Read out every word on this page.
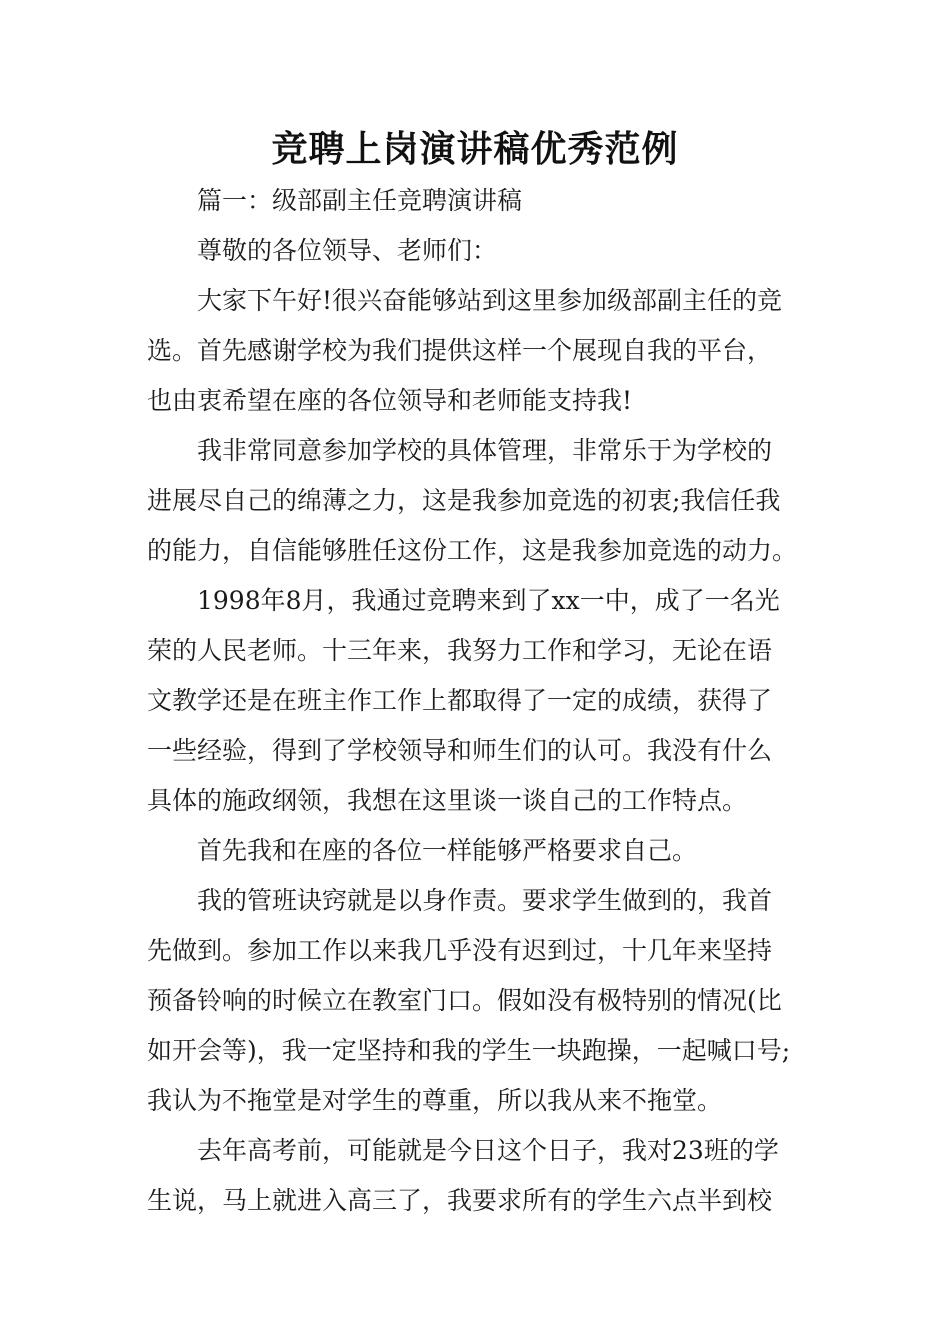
竞聘上岗演讲稿优秀范例
篇一：级部副主任竞聘演讲稿
尊敬的各位领导、老师们：
大家下午好!很兴奋能够站到这里参加级部副主任的竞
选。首先感谢学校为我们提供这样一个展现自我的平台，
也由衷希望在座的各位领导和老师能支持我!
我非常同意参加学校的具体管理，非常乐于为学校的
进展尽自己的绵薄之力，这是我参加竞选的初衷;我信任我
的能力，自信能够胜任这份工作，这是我参加竞选的动力。
1998年8月，我通过竞聘来到了xx一中，成了一名光
荣的人民老师。十三年来，我努力工作和学习，无论在语
文教学还是在班主作工作上都取得了一定的成绩，获得了
一些经验，得到了学校领导和师生们的认可。我没有什么
具体的施政纲领，我想在这里谈一谈自己的工作特点。
首先我和在座的各位一样能够严格要求自己。
我的管班诀窍就是以身作责。要求学生做到的，我首
先做到。参加工作以来我几乎没有迟到过，十几年来坚持
预备铃响的时候立在教室门口。假如没有极特别的情况(比
如开会等)，我一定坚持和我的学生一块跑操，一起喊口号;
我认为不拖堂是对学生的尊重，所以我从来不拖堂。
去年高考前，可能就是今日这个日子，我对23班的学
生说，马上就进入高三了，我要求所有的学生六点半到校
